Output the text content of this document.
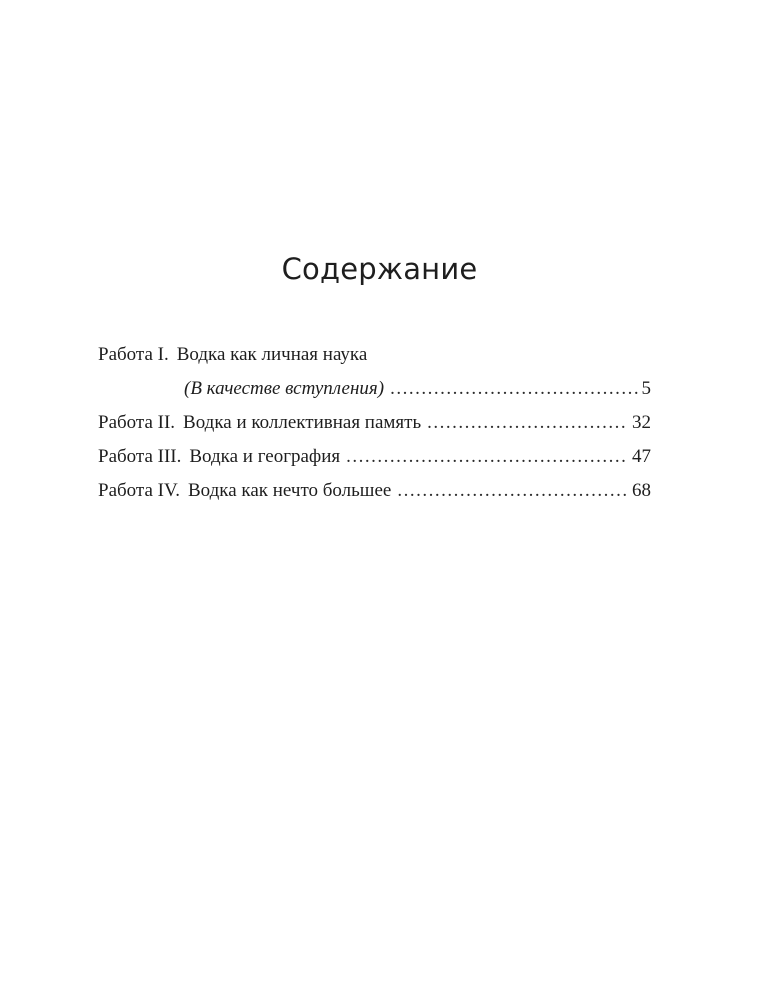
Содержание
Работа I. Водка как личная наука
(В качестве вступления) .....	5
Работа II. Водка и коллективная память .....	32
Работа III. Водка и география .....	47
Работа IV. Водка как нечто большее .....	68
